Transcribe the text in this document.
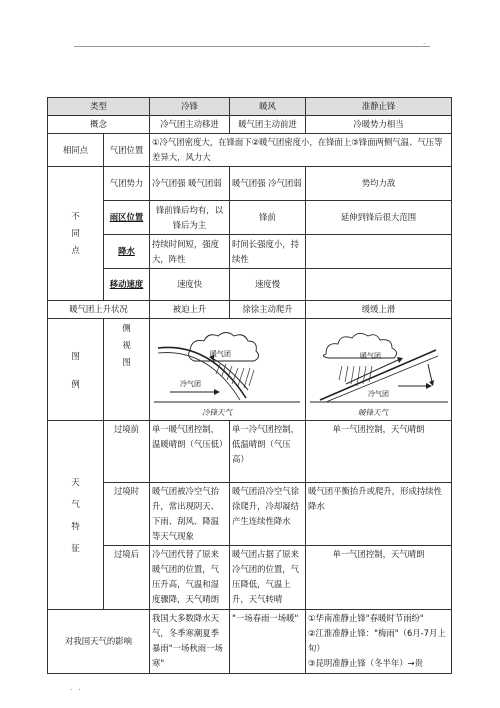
.
类型		冷锋	暖风	准静止锋
概念		冷气团主动移进	暖气团主动前进	冷暖势力相当
相同点	气团位置	①冷气团密度大，在锋面下②暖气团密度小，在锋面上③锋面两侧气温、气压等差异大，风力大		

不同点	气团势力	冷气团强 暖气团弱	暖气团强 冷气团弱	势均力敌
	雨区位置	锋前锋后均有，以锋后为主	锋前	延伸到锋后很大范围
	降水	持续时间短，强度大，阵性	时间长强度小，持续性	
	移动速度	速度快	速度慢	
暖气团上升状况		被迫上升	徐徐主动爬升	缓缓上滑

图例	侧视图	暖气团
冷气团
冷锋天气		暖气团
冷气团
暖锋天气

天气特征	过境前	单一暖气团控制，温暖晴朗（气压低）	单一冷气团控制，低温晴朗（气压高）	单一气团控制，天气晴朗
	过境时	暖气团被冷空气抬升，常出现阴天、下雨、刮风、降温等天气现象	暖气团沿冷空气徐徐爬升，冷却凝结产生连续性降水	暖气团平衡抬升或爬升，形成持续性降水
	过境后	冷气团代替了原来暖气团的位置，气压升高，气温和湿度骤降，天气晴朗	暖气团占据了原来冷气团的位置，气压降低，气温上升，天气转晴	单一气团控制，天气晴朗
对我国天气的影响		我国大多数降水天气，冬季寒潮夏季暴雨"一场秋雨一场寒"	"一场春雨一场暖"	①华南准静止锋"春暖时节雨纷"
②江淮准静止锋："梅雨"（6月-7月上旬）
③昆明准静止锋（冬半年）→贵
. .
